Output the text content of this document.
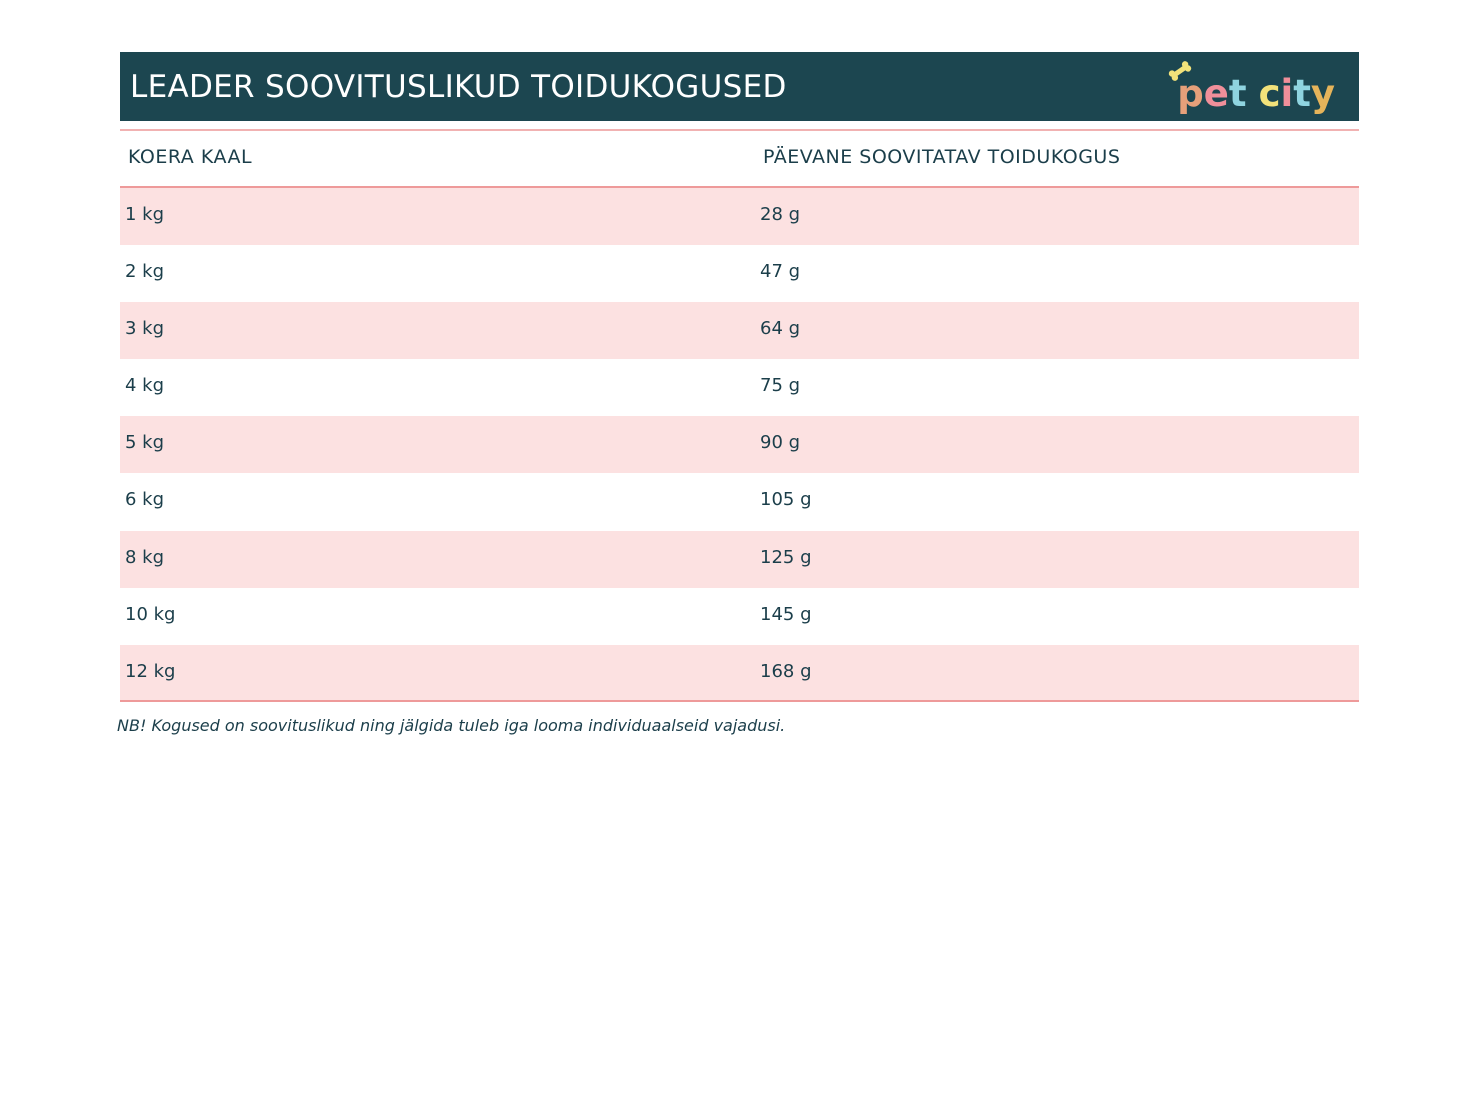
LEADER SOOVITUSLIKUD TOIDUKOGUSED	pet city
KOERA KAAL	PÄEVANE SOOVITATAV TOIDUKOGUS
1 kg	28 g
2 kg	47 g
3 kg	64 g
4 kg	75 g
5 kg	90 g
6 kg	105 g
8 kg	125 g
10 kg	145 g
12 kg	168 g
NB! Kogused on soovituslikud ning jälgida tuleb iga looma individuaalseid vajadusi.
